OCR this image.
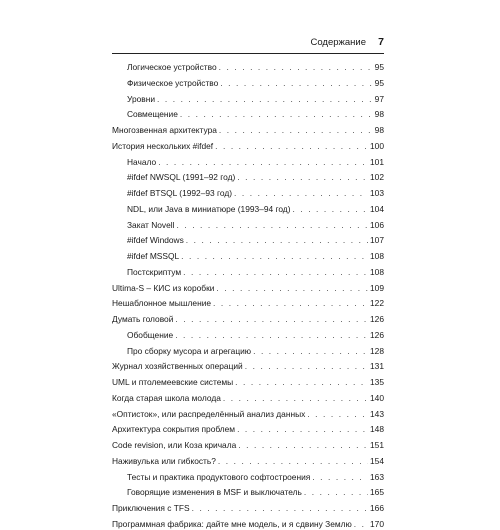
Содержание 7
Логическое устройство . . .	95
Физическое устройство . . .	95
Уровни . . .	97
Совмещение . . .	98
Многозвенная архитектура . . .	98
История нескольких #ifdef . . .	100
Начало . . .	101
#ifdef NWSQL (1991–92 год) . . .	102
#ifdef BTSQL (1992–93 год) . . .	103
NDL, или Java в миниатюре (1993–94 год) . . .	104
Закат Novell . . .	106
#ifdef Windows . . .	107
#ifdef MSSQL . . .	108
Постскриптум . . .	108
Ultima-S – КИС из коробки . . .	109
Нешаблонное мышление . . .	122
Думать головой . . .	126
Обобщение . . .	126
Про сборку мусора и агрегацию . . .	128
Журнал хозяйственных операций . . .	131
UML и птолемеевские системы . . .	135
Когда старая школа молода . . .	140
«Оптисток», или распределённый анализ данных . . .	143
Архитектура сокрытия проблем . . .	148
Code revision, или Коза кричала . . .	151
Наживулька или гибкость? . . .	154
Тесты и практика продуктового софтостроения . . .	163
Говорящие изменения в MSF и выключатель . . .	165
Приключения с TFS . . .	166
Программная фабрика: дайте мне модель, и я сдвину Землю . . . 170
